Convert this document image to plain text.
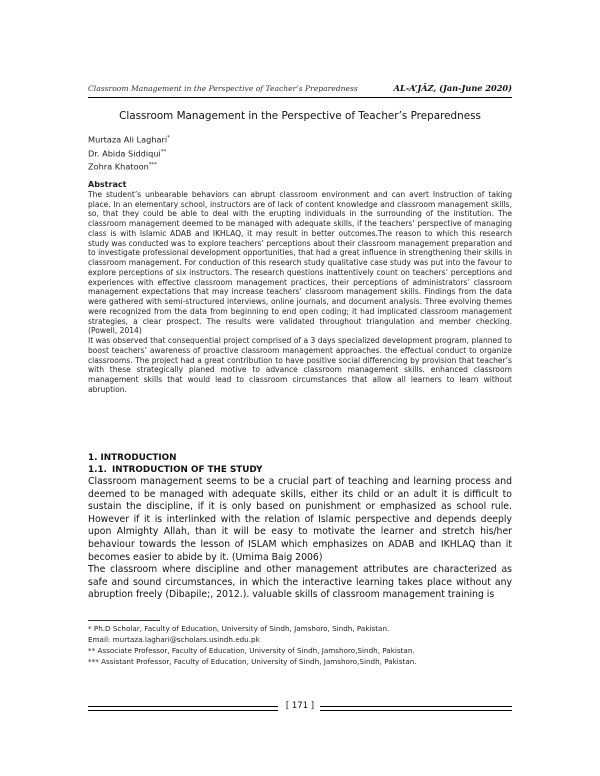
Classroom Management in the Perspective of Teacher’s Preparedness	AL-A’JĀZ, (Jan-June 2020)
Classroom Management in the Perspective of Teacher’s Preparedness
Murtaza Ali Laghari*
Dr. Abida Siddiqui**
Zohra Khatoon***
Abstract

The student’s unbearable behaviors can abrupt classroom environment and can avert Instruction of taking place. In an elementary school, instructors are of lack of content knowledge and classroom management skills, so, that they could be able to deal with the erupting individuals in the surrounding of the institution. The classroom management deemed to be managed with adequate skills, if the teachers’ perspective of managing class is with Islamic ADAB and IKHLAQ, it may result in better outcomes.The reason to which this research study was conducted was to explore teachers’ perceptions about their classroom management preparation and to investigate professional development opportunities, that had a great influence in strengthening their skills in classroom management. For conduction of this research study qualitative case study was put into the favour to explore perceptions of six instructors. The research questions inattentively count on teachers’ perceptions and experiences with effective classroom management practices, their perceptions of administrators’ classroom management expectations that may increase teachers’ classroom management skills. Findings from the data were gathered with semi-structured interviews, online journals, and document analysis. Three evolving themes were recognized from the data from beginning to end open coding; it had implicated classroom management strategies, a clear prospect. The results were validated throughout triangulation and member checking. (Powell, 2014)

It was observed that consequential project comprised of a 3 days specialized development program, planned to boost teachers’ awareness of proactive classroom management approaches. the effectual conduct to organize classrooms. The project had a great contribution to have positive social differencing by provision that teacher’s with these strategically planed motive to advance classroom management skills. enhanced classroom management skills that would lead to classroom circumstances that allow all learners to learn without abruption.

1. INTRODUCTION
1.1. INTRODUCTION OF THE STUDY

Classroom management seems to be a crucial part of teaching and learning process and deemed to be managed with adequate skills, either its child or an adult it is difficult to sustain the discipline, if it is only based on punishment or emphasized as school rule. However if it is interlinked with the relation of Islamic perspective and depends deeply upon Almighty Allah, than it will be easy to motivate the learner and stretch his/her behaviour towards the lesson of ISLAM which emphasizes on ADAB and IKHLAQ than it becomes easier to abide by it. (Umima Baig 2006)

The classroom where discipline and other management attributes are characterized as safe and sound circumstances, in which the interactive learning takes place without any abruption freely (Dibapile;, 2012.). valuable skills of classroom management training is

* Ph.D Scholar, Faculty of Education, University of Sindh, Jamshoro, Sindh, Pakistan.
Email: murtaza.laghari@scholars.usindh.edu.pk
** Associate Professor, Faculty of Education, University of Sindh, Jamshoro,Sindh, Pakistan.
*** Assistant Professor, Faculty of Education, University of Sindh, Jamshoro,Sindh, Pakistan.
[ 171 ]
